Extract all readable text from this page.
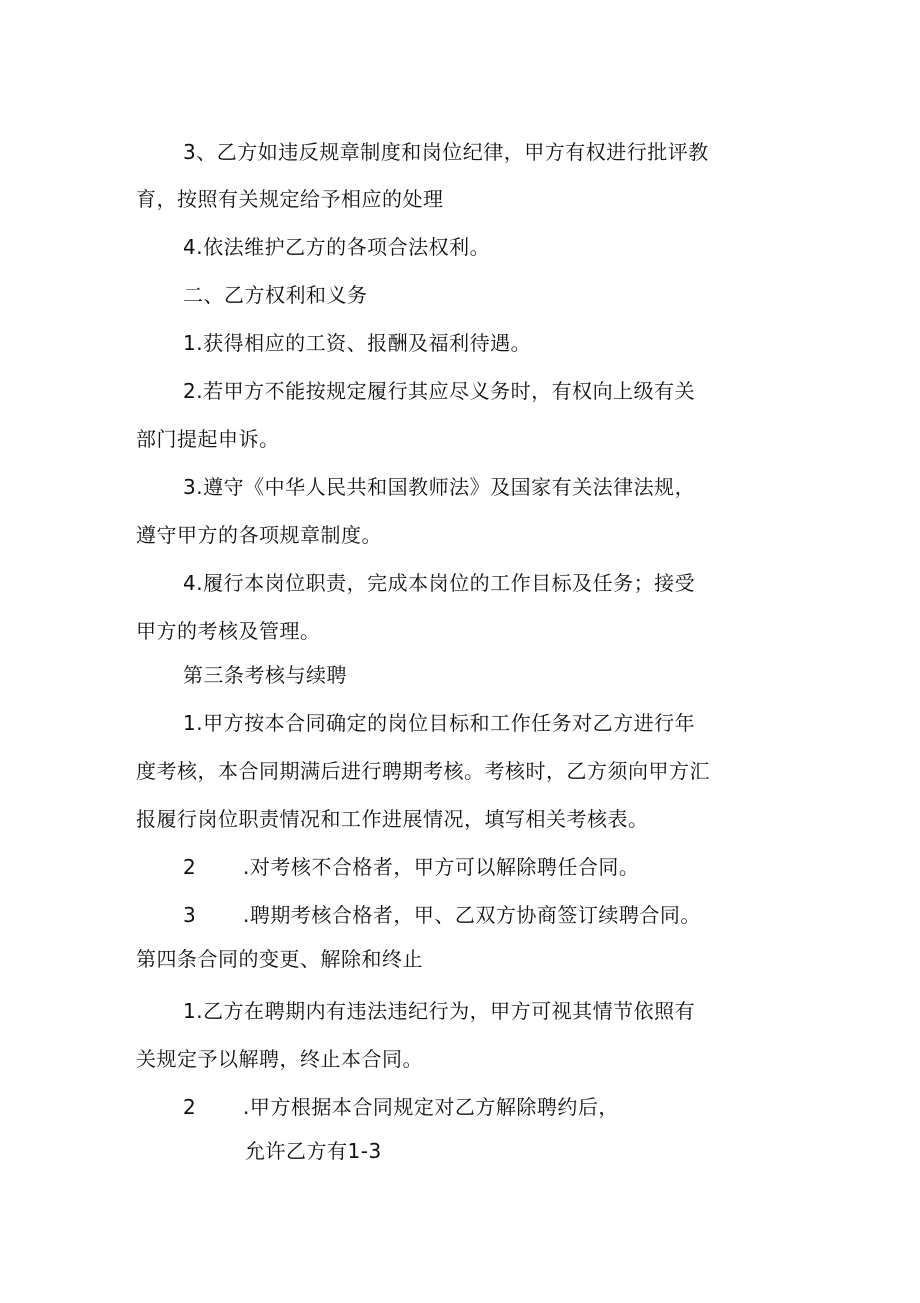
3、乙方如违反规章制度和岗位纪律，甲方有权进行批评教
育，按照有关规定给予相应的处理
4.依法维护乙方的各项合法权利。
二、乙方权利和义务
1.获得相应的工资、报酬及福利待遇。
2.若甲方不能按规定履行其应尽义务时，有权向上级有关
部门提起申诉。
3.遵守《中华人民共和国教师法》及国家有关法律法规，
遵守甲方的各项规章制度。
4.履行本岗位职责，完成本岗位的工作目标及任务；接受
甲方的考核及管理。
第三条考核与续聘
1.甲方按本合同确定的岗位目标和工作任务对乙方进行年
度考核，本合同期满后进行聘期考核。考核时，乙方须向甲方汇
报履行岗位职责情况和工作进展情况，填写相关考核表。
2 .对考核不合格者，甲方可以解除聘任合同。
3 .聘期考核合格者，甲、乙双方协商签订续聘合同。
第四条合同的变更、解除和终止
1.乙方在聘期内有违法违纪行为，甲方可视其情节依照有
关规定予以解聘，终止本合同。
2 .甲方根据本合同规定对乙方解除聘约后，
允许乙方有1-3
